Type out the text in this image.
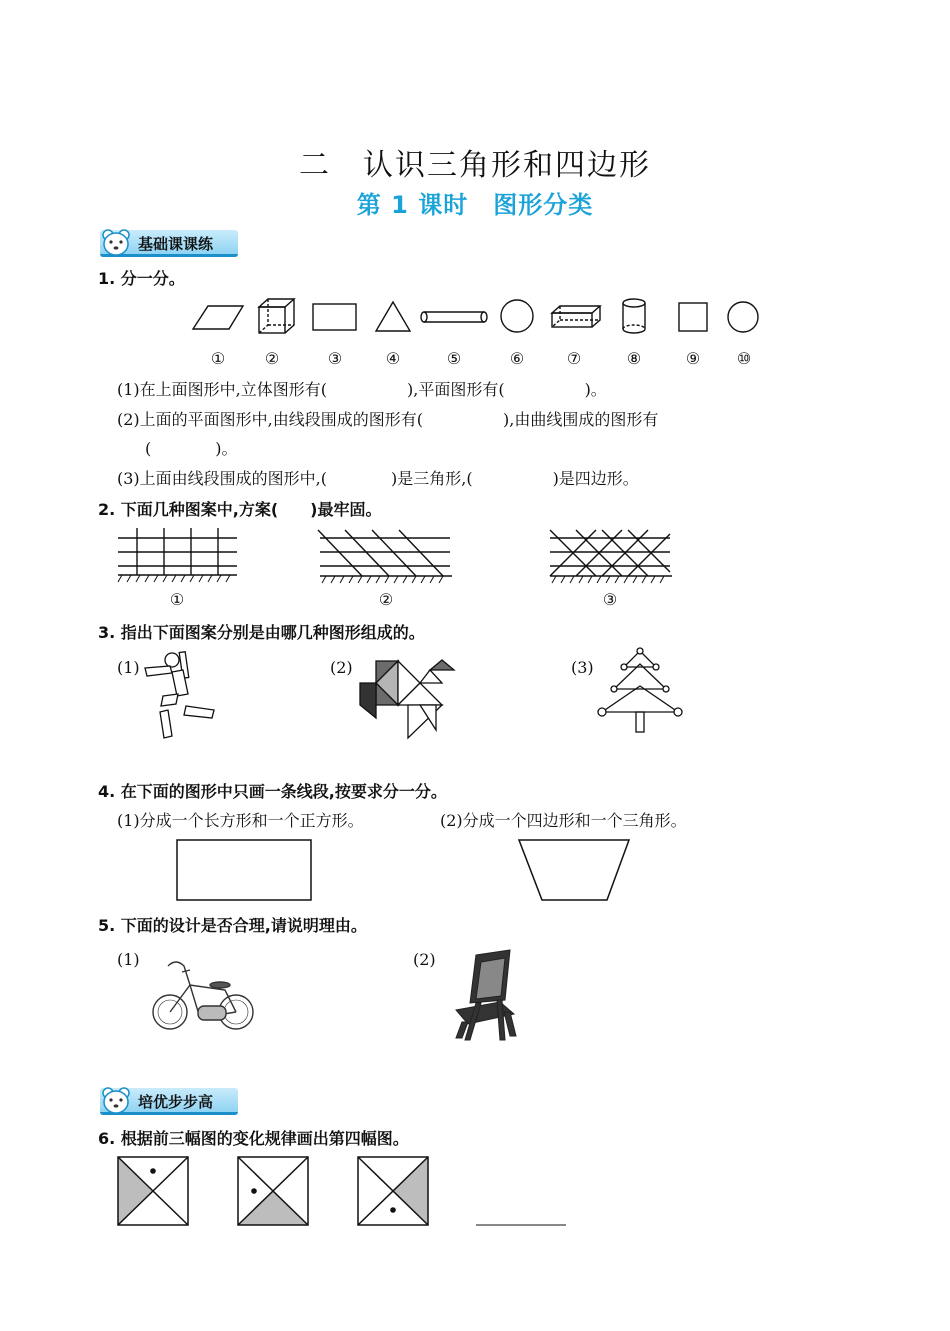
二　认识三角形和四边形
第 1 课时　图形分类
基础课课练
1. 分一分。
①	②	③	④	⑤	⑥	⑦	⑧	⑨	⑩
(1)在上面图形中,立体图形有(　　　　　),平面图形有(　　　　　)。
(2)上面的平面图形中,由线段围成的图形有(　　　　　),由曲线围成的图形有
(　　　　)。
(3)上面由线段围成的图形中,(　　　　)是三角形,(　　　　　)是四边形。
2. 下面几种图案中,方案(　　)最牢固。
①	②	③
3. 指出下面图案分别是由哪几种图形组成的。
(1)	(2)	(3)
4. 在下面的图形中只画一条线段,按要求分一分。
(1)分成一个长方形和一个正方形。	(2)分成一个四边形和一个三角形。
5. 下面的设计是否合理,请说明理由。
(1)	(2)
培优步步高
6. 根据前三幅图的变化规律画出第四幅图。
